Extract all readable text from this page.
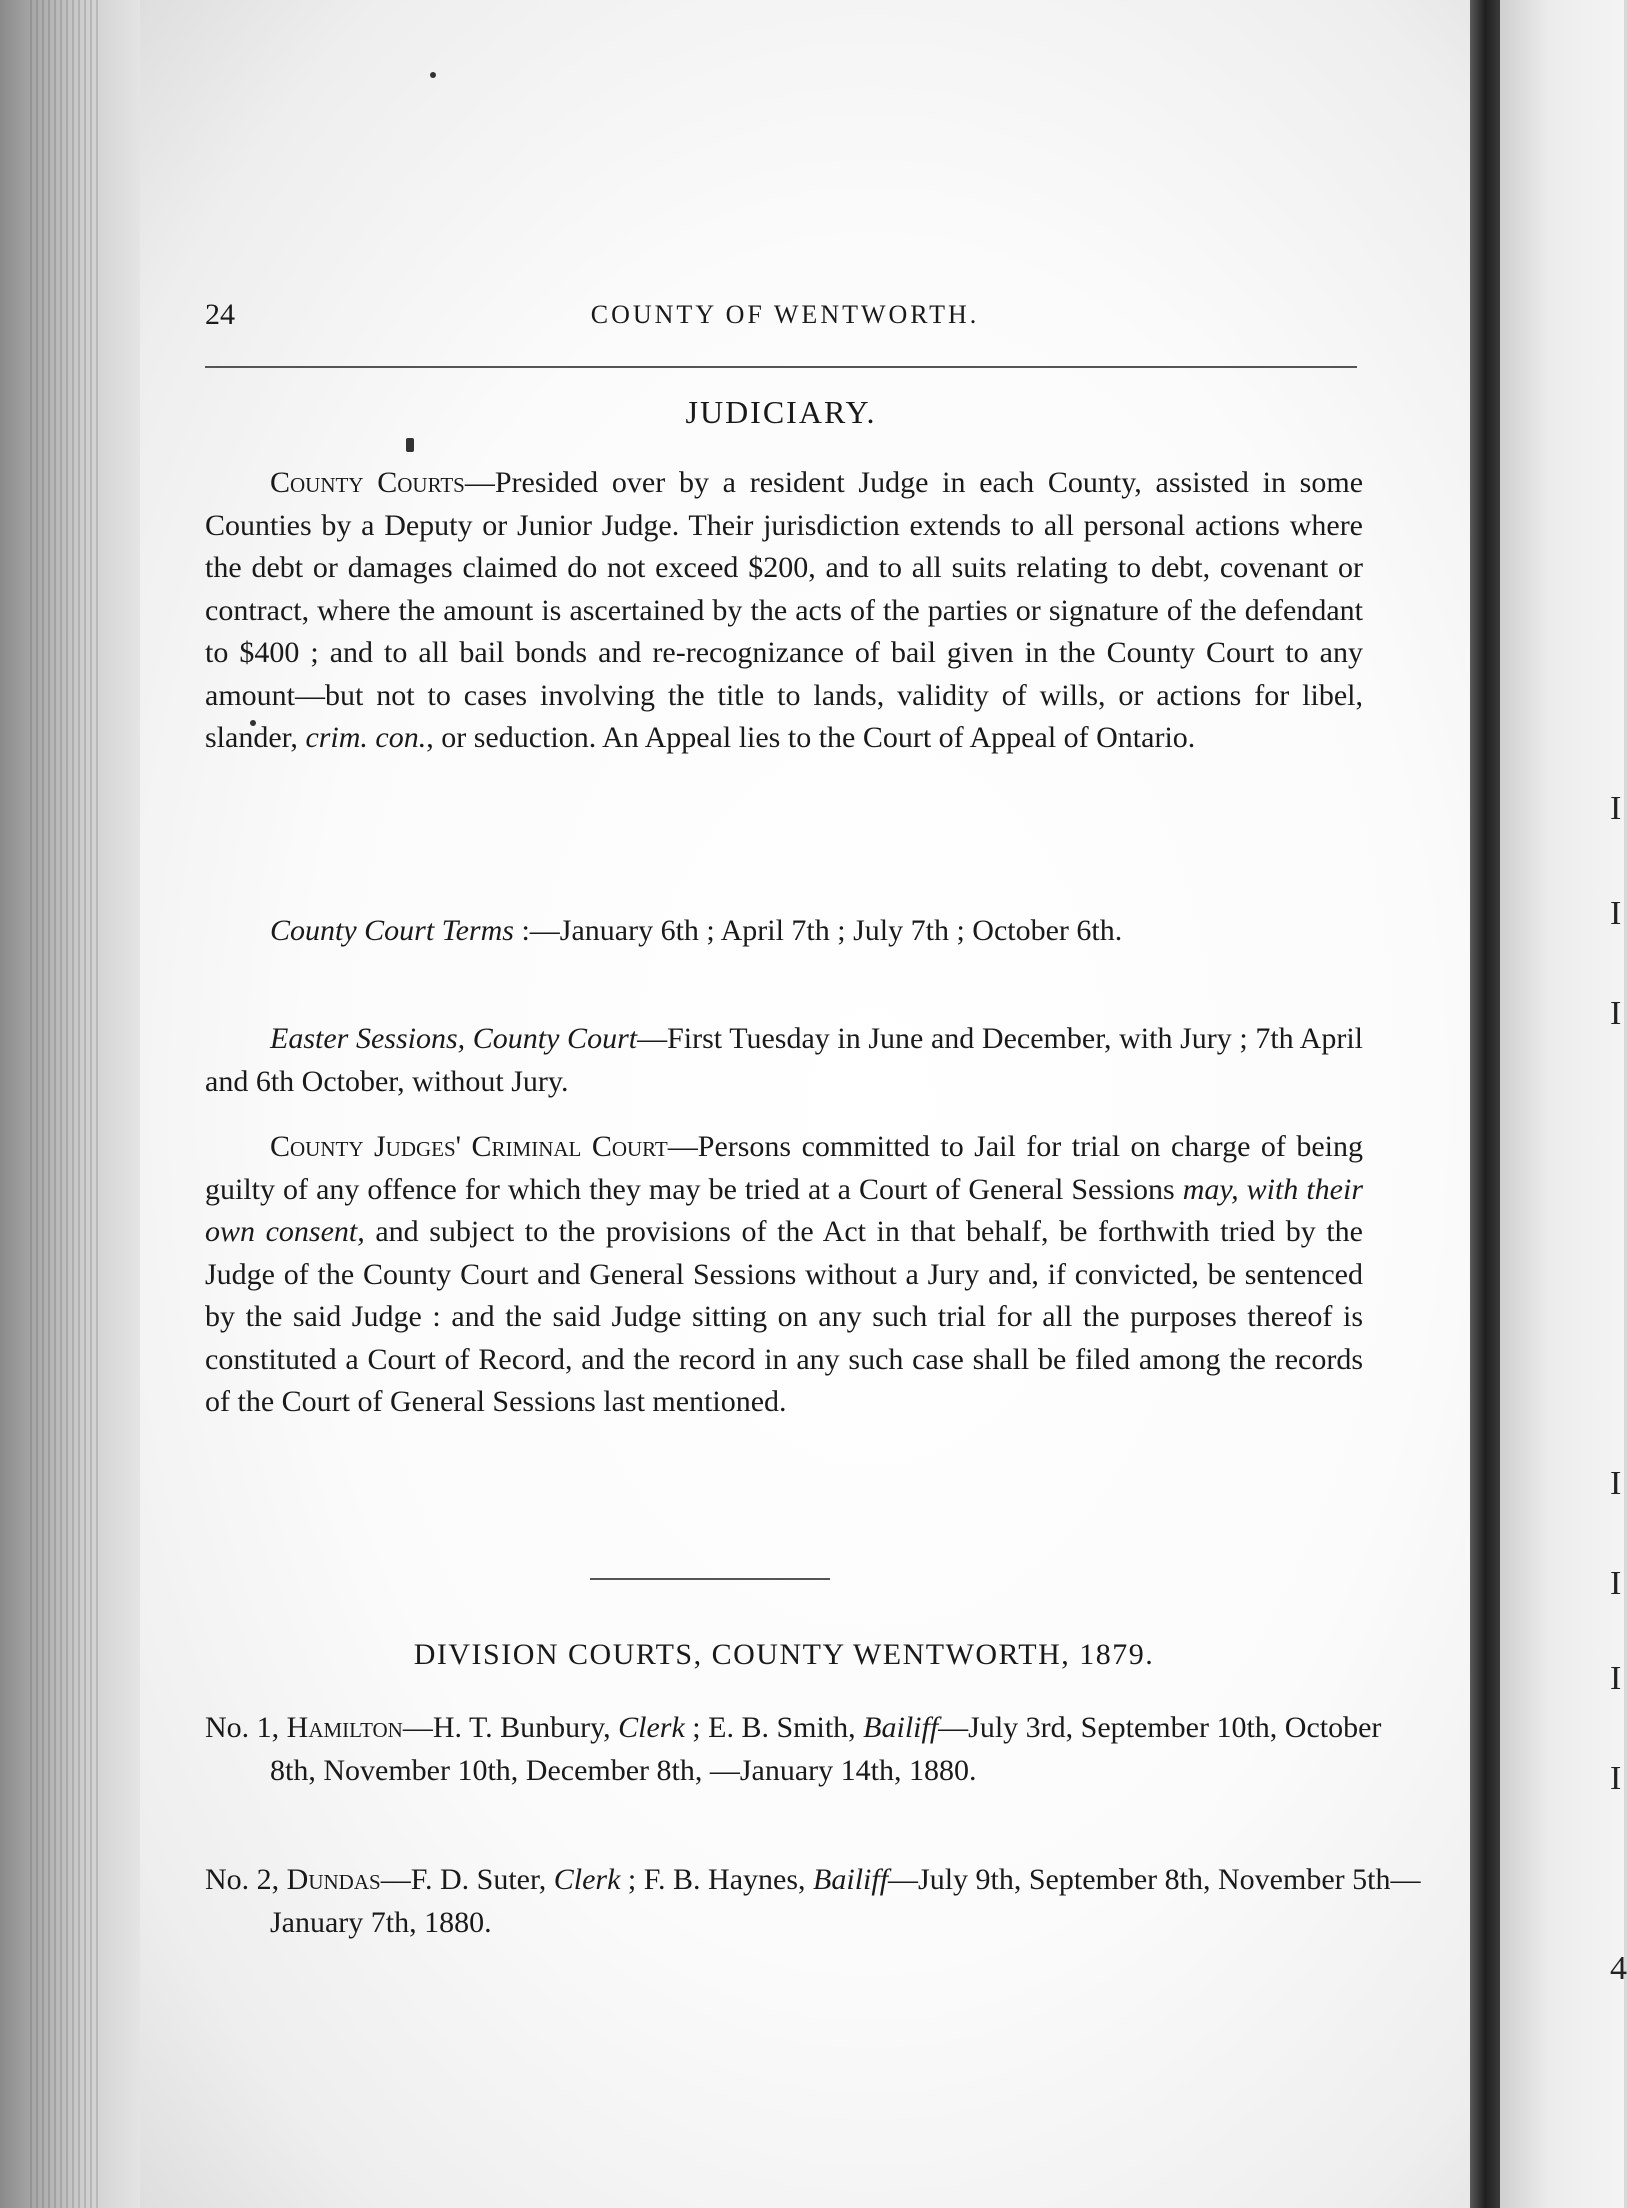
I
I
I
I
I
I
I
4
24	COUNTY OF WENTWORTH.
JUDICIARY.

County Courts—Presided over by a resident Judge in each County, assisted in some Counties by a Deputy or Junior Judge. Their jurisdiction extends to all personal actions where the debt or damages claimed do not exceed $200, and to all suits relating to debt, covenant or contract, where the amount is ascertained by the acts of the parties or signature of the defendant to $400 ; and to all bail bonds and re-recognizance of bail given in the County Court to any amount—but not to cases involving the title to lands, validity of wills, or actions for libel, slander, crim. con., or seduction. An Appeal lies to the Court of Appeal of Ontario.

County Court Terms :—January 6th ; April 7th ; July 7th ; October 6th.

Easter Sessions, County Court—First Tuesday in June and December, with Jury ; 7th April and 6th October, without Jury.

County Judges' Criminal Court—Persons committed to Jail for trial on charge of being guilty of any offence for which they may be tried at a Court of General Sessions may, with their own consent, and subject to the provisions of the Act in that behalf, be forthwith tried by the Judge of the County Court and General Sessions without a Jury and, if convicted, be sentenced by the said Judge : and the said Judge sitting on any such trial for all the purposes thereof is constituted a Court of Record, and the record in any such case shall be filed among the records of the Court of General Sessions last mentioned.

DIVISION COURTS, COUNTY WENTWORTH, 1879.

No. 1, Hamilton—H. T. Bunbury, Clerk ; E. B. Smith, Bailiff—July 3rd, September 10th, October 8th, November 10th, December 8th, —January 14th, 1880.

No. 2, Dundas—F. D. Suter, Clerk ; F. B. Haynes, Bailiff—July 9th, September 8th, November 5th—January 7th, 1880.
